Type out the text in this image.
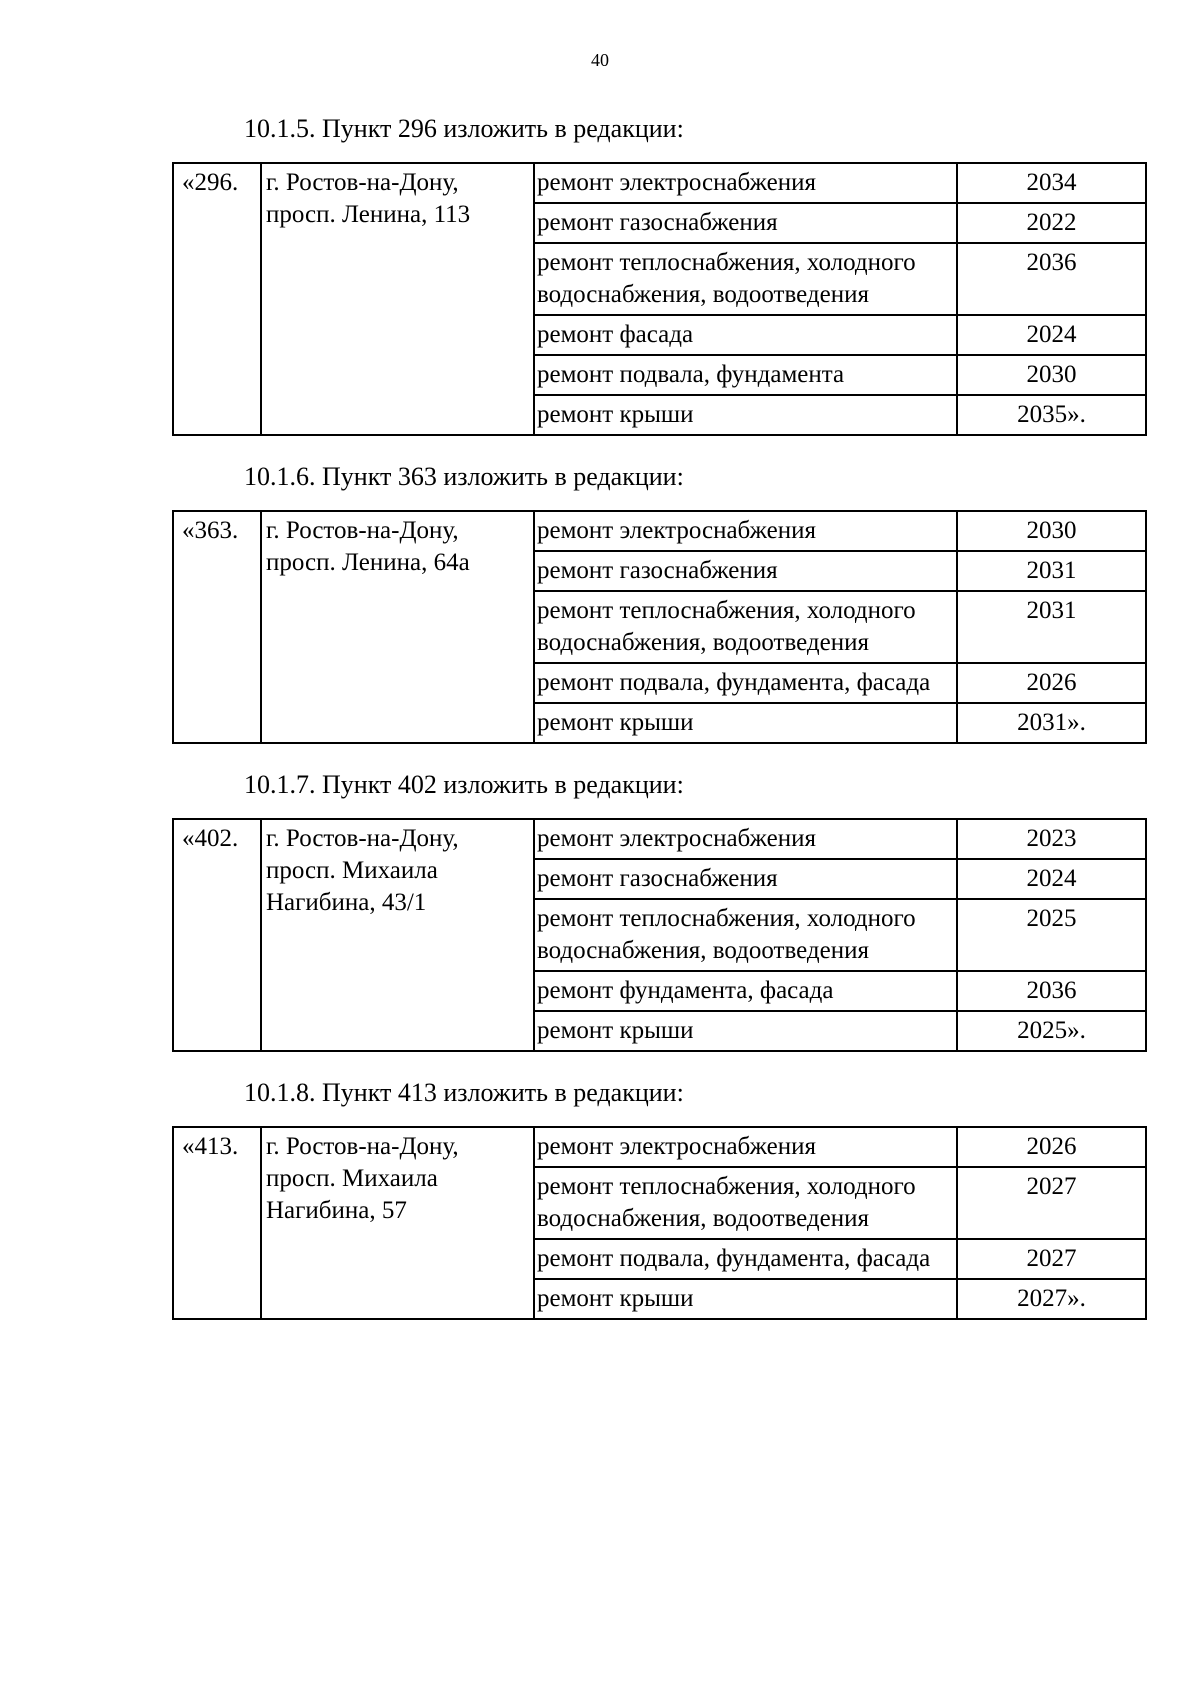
40
10.1.5. Пункт 296 изложить в редакции:
«296.	г. Ростов-на-Дону, просп. Ленина, 113	ремонт электроснабжения	2034
		ремонт газоснабжения	2022
		ремонт теплоснабжения, холодного водоснабжения, водоотведения	2036
		ремонт фасада	2024
		ремонт подвала, фундамента	2030
		ремонт крыши	2035».
10.1.6. Пункт 363 изложить в редакции:
«363.	г. Ростов-на-Дону, просп. Ленина, 64а	ремонт электроснабжения	2030
		ремонт газоснабжения	2031
		ремонт теплоснабжения, холодного водоснабжения, водоотведения	2031
		ремонт подвала, фундамента, фасада	2026
		ремонт крыши	2031».
10.1.7. Пункт 402 изложить в редакции:
«402.	г. Ростов-на-Дону, просп. Михаила Нагибина, 43/1	ремонт электроснабжения	2023
		ремонт газоснабжения	2024
		ремонт теплоснабжения, холодного водоснабжения, водоотведения	2025
		ремонт фундамента, фасада	2036
		ремонт крыши	2025».
10.1.8. Пункт 413 изложить в редакции:
«413.	г. Ростов-на-Дону, просп. Михаила Нагибина, 57	ремонт электроснабжения	2026
		ремонт теплоснабжения, холодного водоснабжения, водоотведения	2027
		ремонт подвала, фундамента, фасада	2027
		ремонт крыши	2027».
